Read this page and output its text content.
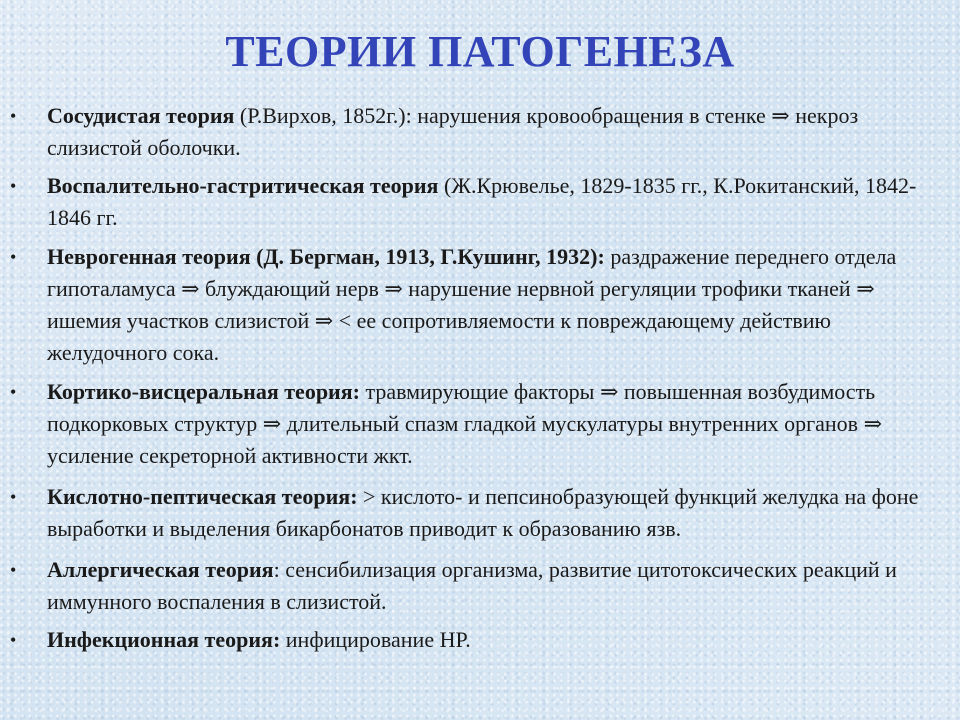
ТЕОРИИ ПАТОГЕНЕЗА
• Сосудистая теория (Р.Вирхов, 1852г.): нарушения кровообращения в стенке ⇒ некроз слизистой оболочки.
• Воспалительно-гастритическая теория (Ж.Крювелье, 1829-1835 гг., К.Рокитанский, 1842-1846 гг.
• Неврогенная теория (Д. Бергман, 1913, Г.Кушинг, 1932): раздражение переднего отдела гипоталамуса ⇒ блуждающий нерв ⇒ нарушение нервной регуляции трофики тканей ⇒ ишемия участков слизистой ⇒ < ее сопротивляемости к повреждающему действию желудочного сока.
• Кортико-висцеральная теория: травмирующие факторы ⇒ повышенная возбудимость подкорковых структур ⇒ длительный спазм гладкой мускулатуры внутренних органов ⇒ усиление секреторной активности жкт.
• Кислотно-пептическая теория: > кислото- и пепсинобразующей функций желудка на фоне выработки и выделения бикарбонатов приводит к образованию язв.
• Аллергическая теория: сенсибилизация организма, развитие цитотоксических реакций и иммунного воспаления в слизистой.
• Инфекционная теория: инфицирование HP.
